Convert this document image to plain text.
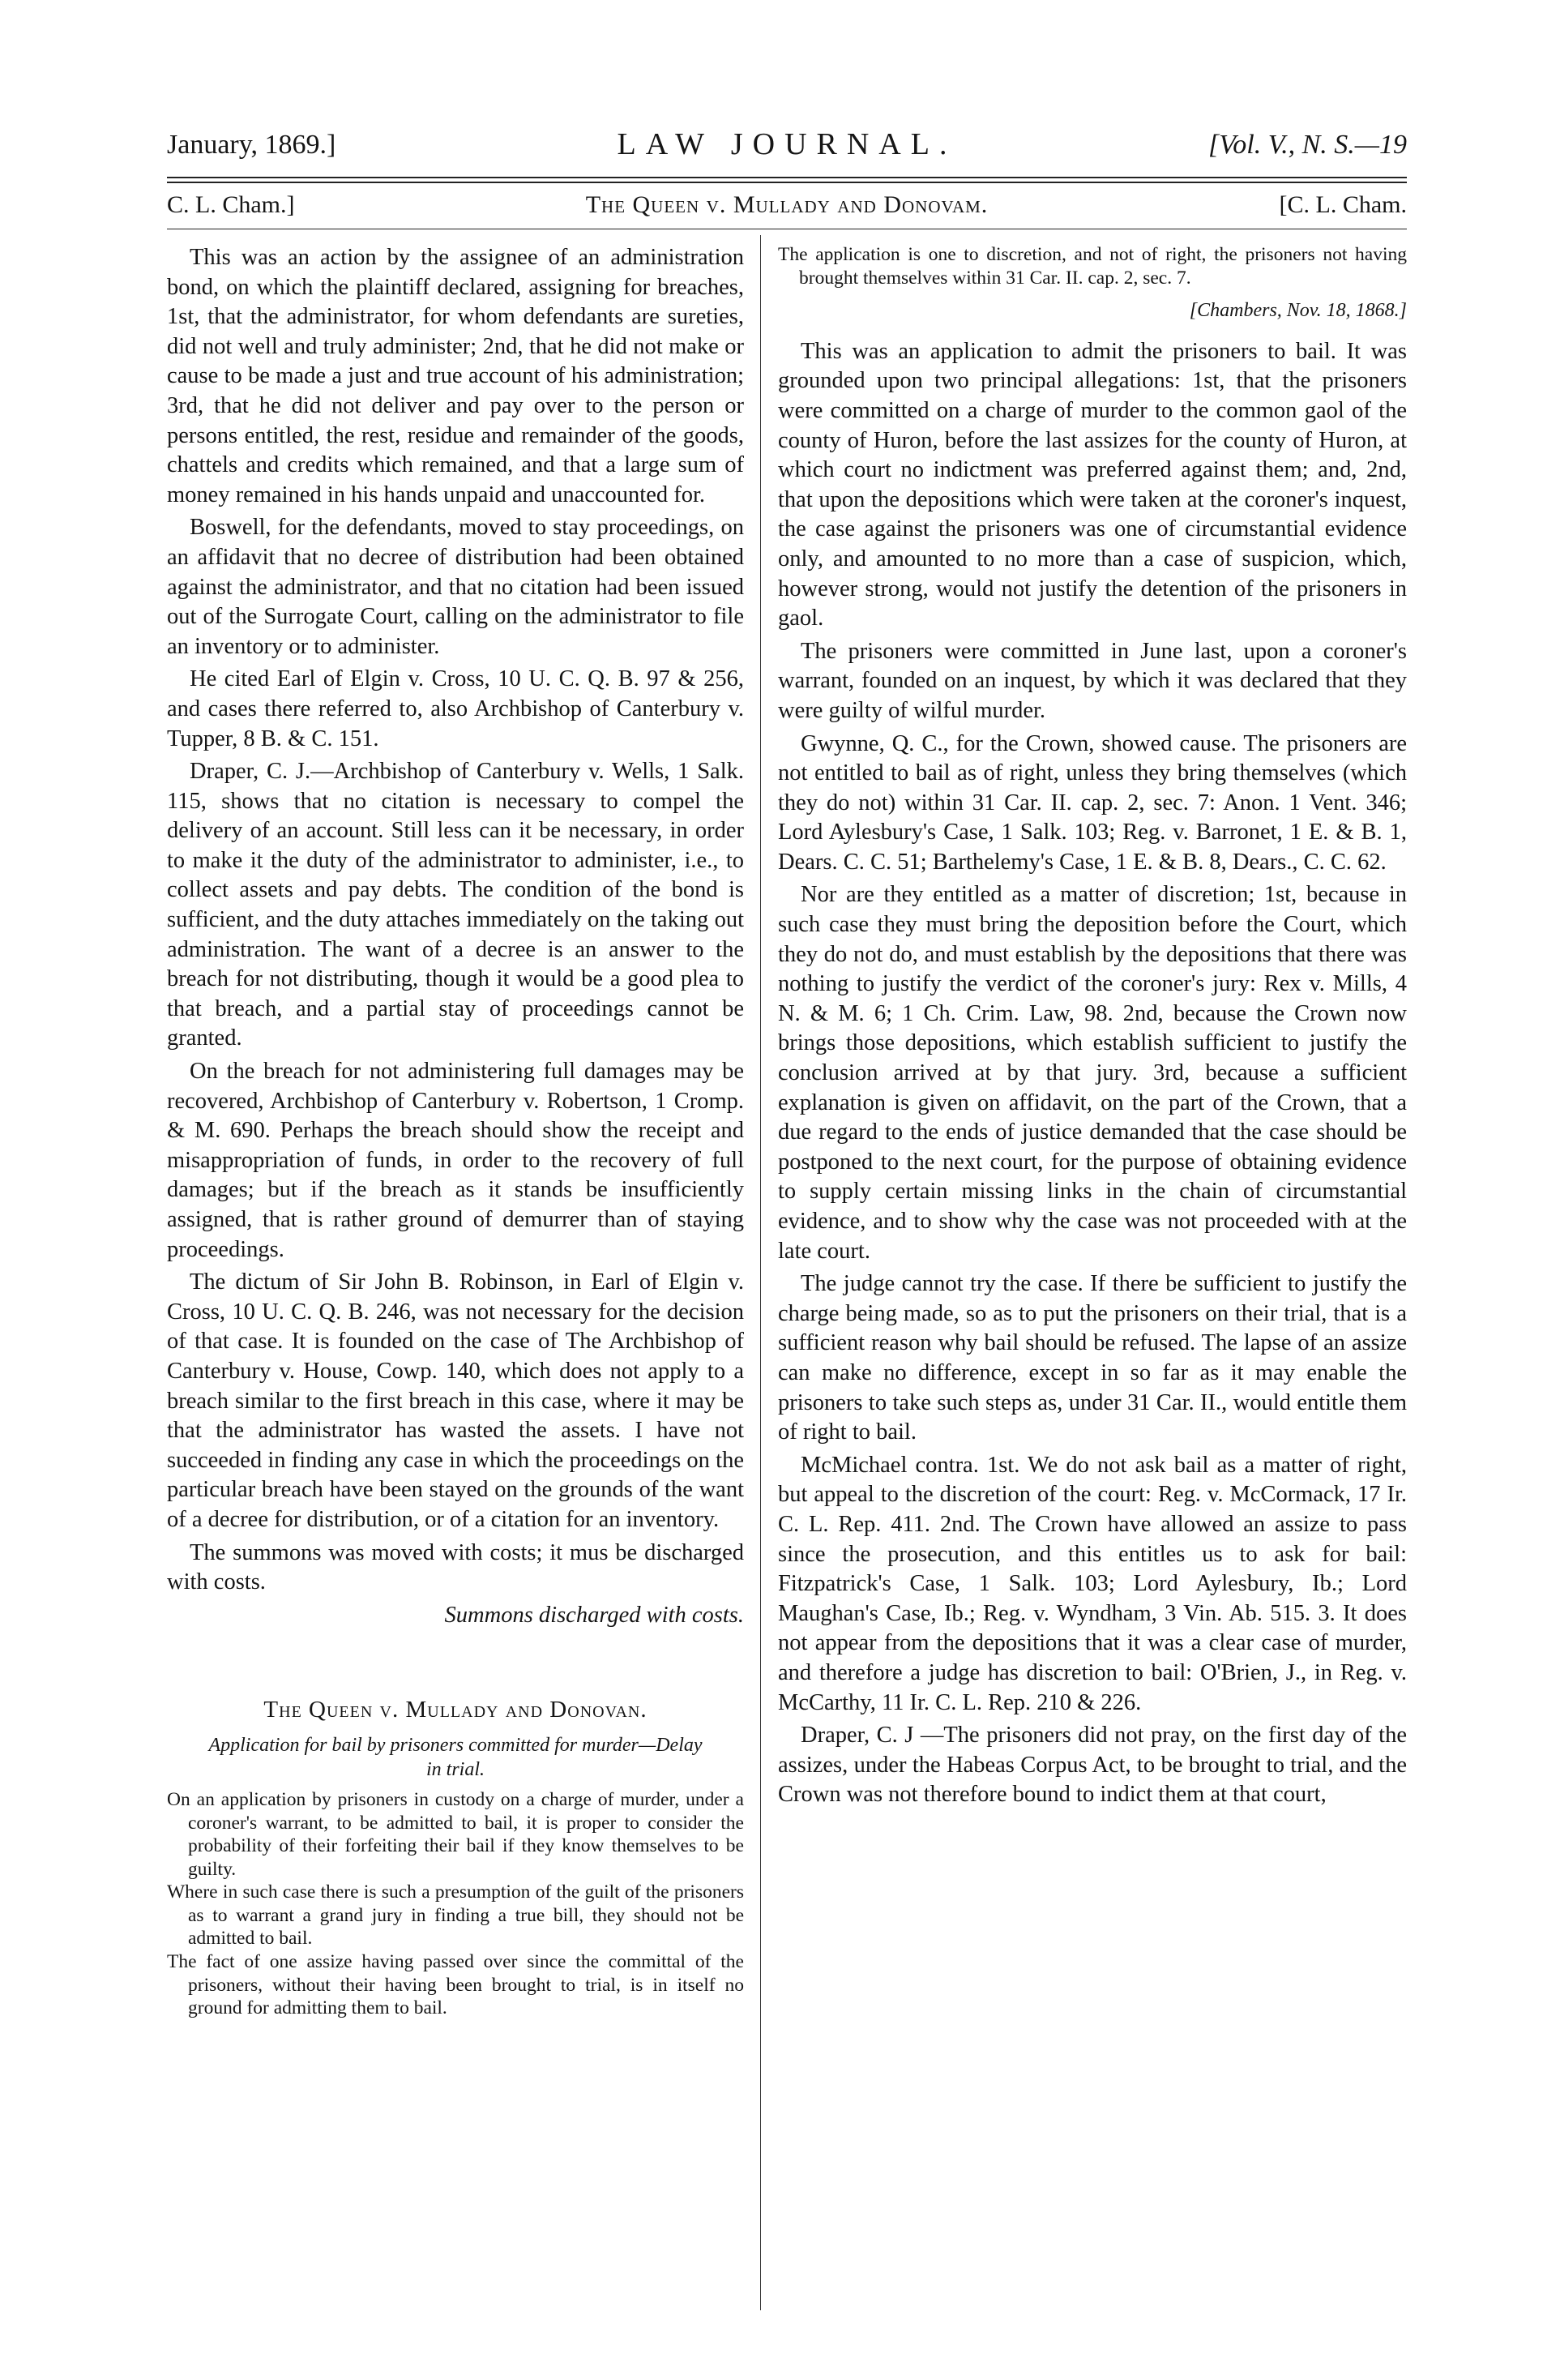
January, 1869.]	LAW JOURNAL.	[Vol. V., N. S.—19
C. L. Cham.]	The Queen v. Mullady and Donovam.	[C. L. Cham.

This was an action by the assignee of an administration bond, on which the plaintiff declared, assigning for breaches, 1st, that the administrator, for whom defendants are sureties, did not well and truly administer; 2nd, that he did not make or cause to be made a just and true account of his administration; 3rd, that he did not deliver and pay over to the person or persons entitled, the rest, residue and remainder of the goods, chattels and credits which remained, and that a large sum of money remained in his hands unpaid and unaccounted for.

Boswell, for the defendants, moved to stay proceedings, on an affidavit that no decree of distribution had been obtained against the administrator, and that no citation had been issued out of the Surrogate Court, calling on the administrator to file an inventory or to administer.

He cited Earl of Elgin v. Cross, 10 U. C. Q. B. 97 & 256, and cases there referred to, also Archbishop of Canterbury v. Tupper, 8 B. & C. 151.

Draper, C. J.—Archbishop of Canterbury v. Wells, 1 Salk. 115, shows that no citation is necessary to compel the delivery of an account. Still less can it be necessary, in order to make it the duty of the administrator to administer, i.e., to collect assets and pay debts. The condition of the bond is sufficient, and the duty attaches immediately on the taking out administration. The want of a decree is an answer to the breach for not distributing, though it would be a good plea to that breach, and a partial stay of proceedings cannot be granted.

On the breach for not administering full damages may be recovered, Archbishop of Canterbury v. Robertson, 1 Cromp. & M. 690. Perhaps the breach should show the receipt and misappropriation of funds, in order to the recovery of full damages; but if the breach as it stands be insufficiently assigned, that is rather ground of demurrer than of staying proceedings.

The dictum of Sir John B. Robinson, in Earl of Elgin v. Cross, 10 U. C. Q. B. 246, was not necessary for the decision of that case. It is founded on the case of The Archbishop of Canterbury v. House, Cowp. 140, which does not apply to a breach similar to the first breach in this case, where it may be that the administrator has wasted the assets. I have not succeeded in finding any case in which the proceedings on the particular breach have been stayed on the grounds of the want of a decree for distribution, or of a citation for an inventory.

The summons was moved with costs; it mus be discharged with costs.

Summons discharged with costs.

The Queen v. Mullady and Donovan.
Application for bail by prisoners committed for murder—Delay in trial.

On an application by prisoners in custody on a charge of murder, under a coroner's warrant, to be admitted to bail, it is proper to consider the probability of their forfeiting their bail if they know themselves to be guilty.

Where in such case there is such a presumption of the guilt of the prisoners as to warrant a grand jury in finding a true bill, they should not be admitted to bail.

The fact of one assize having passed over since the committal of the prisoners, without their having been brought to trial, is in itself no ground for admitting them to bail.

The application is one to discretion, and not of right, the prisoners not having brought themselves within 31 Car. II. cap. 2, sec. 7.

[Chambers, Nov. 18, 1868.]

This was an application to admit the prisoners to bail. It was grounded upon two principal allegations: 1st, that the prisoners were committed on a charge of murder to the common gaol of the county of Huron, before the last assizes for the county of Huron, at which court no indictment was preferred against them; and, 2nd, that upon the depositions which were taken at the coroner's inquest, the case against the prisoners was one of circumstantial evidence only, and amounted to no more than a case of suspicion, which, however strong, would not justify the detention of the prisoners in gaol.

The prisoners were committed in June last, upon a coroner's warrant, founded on an inquest, by which it was declared that they were guilty of wilful murder.

Gwynne, Q. C., for the Crown, showed cause. The prisoners are not entitled to bail as of right, unless they bring themselves (which they do not) within 31 Car. II. cap. 2, sec. 7: Anon. 1 Vent. 346; Lord Aylesbury's Case, 1 Salk. 103; Reg. v. Barronet, 1 E. & B. 1, Dears. C. C. 51; Barthelemy's Case, 1 E. & B. 8, Dears., C. C. 62.

Nor are they entitled as a matter of discretion; 1st, because in such case they must bring the deposition before the Court, which they do not do, and must establish by the depositions that there was nothing to justify the verdict of the coroner's jury: Rex v. Mills, 4 N. & M. 6; 1 Ch. Crim. Law, 98. 2nd, because the Crown now brings those depositions, which establish sufficient to justify the conclusion arrived at by that jury. 3rd, because a sufficient explanation is given on affidavit, on the part of the Crown, that a due regard to the ends of justice demanded that the case should be postponed to the next court, for the purpose of obtaining evidence to supply certain missing links in the chain of circumstantial evidence, and to show why the case was not proceeded with at the late court.

The judge cannot try the case. If there be sufficient to justify the charge being made, so as to put the prisoners on their trial, that is a sufficient reason why bail should be refused. The lapse of an assize can make no difference, except in so far as it may enable the prisoners to take such steps as, under 31 Car. II., would entitle them of right to bail.

McMichael contra. 1st. We do not ask bail as a matter of right, but appeal to the discretion of the court: Reg. v. McCormack, 17 Ir. C. L. Rep. 411. 2nd. The Crown have allowed an assize to pass since the prosecution, and this entitles us to ask for bail: Fitzpatrick's Case, 1 Salk. 103; Lord Aylesbury, Ib.; Lord Maughan's Case, Ib.; Reg. v. Wyndham, 3 Vin. Ab. 515. 3. It does not appear from the depositions that it was a clear case of murder, and therefore a judge has discretion to bail: O'Brien, J., in Reg. v. McCarthy, 11 Ir. C. L. Rep. 210 & 226.

Draper, C. J —The prisoners did not pray, on the first day of the assizes, under the Habeas Corpus Act, to be brought to trial, and the Crown was not therefore bound to indict them at that court,
